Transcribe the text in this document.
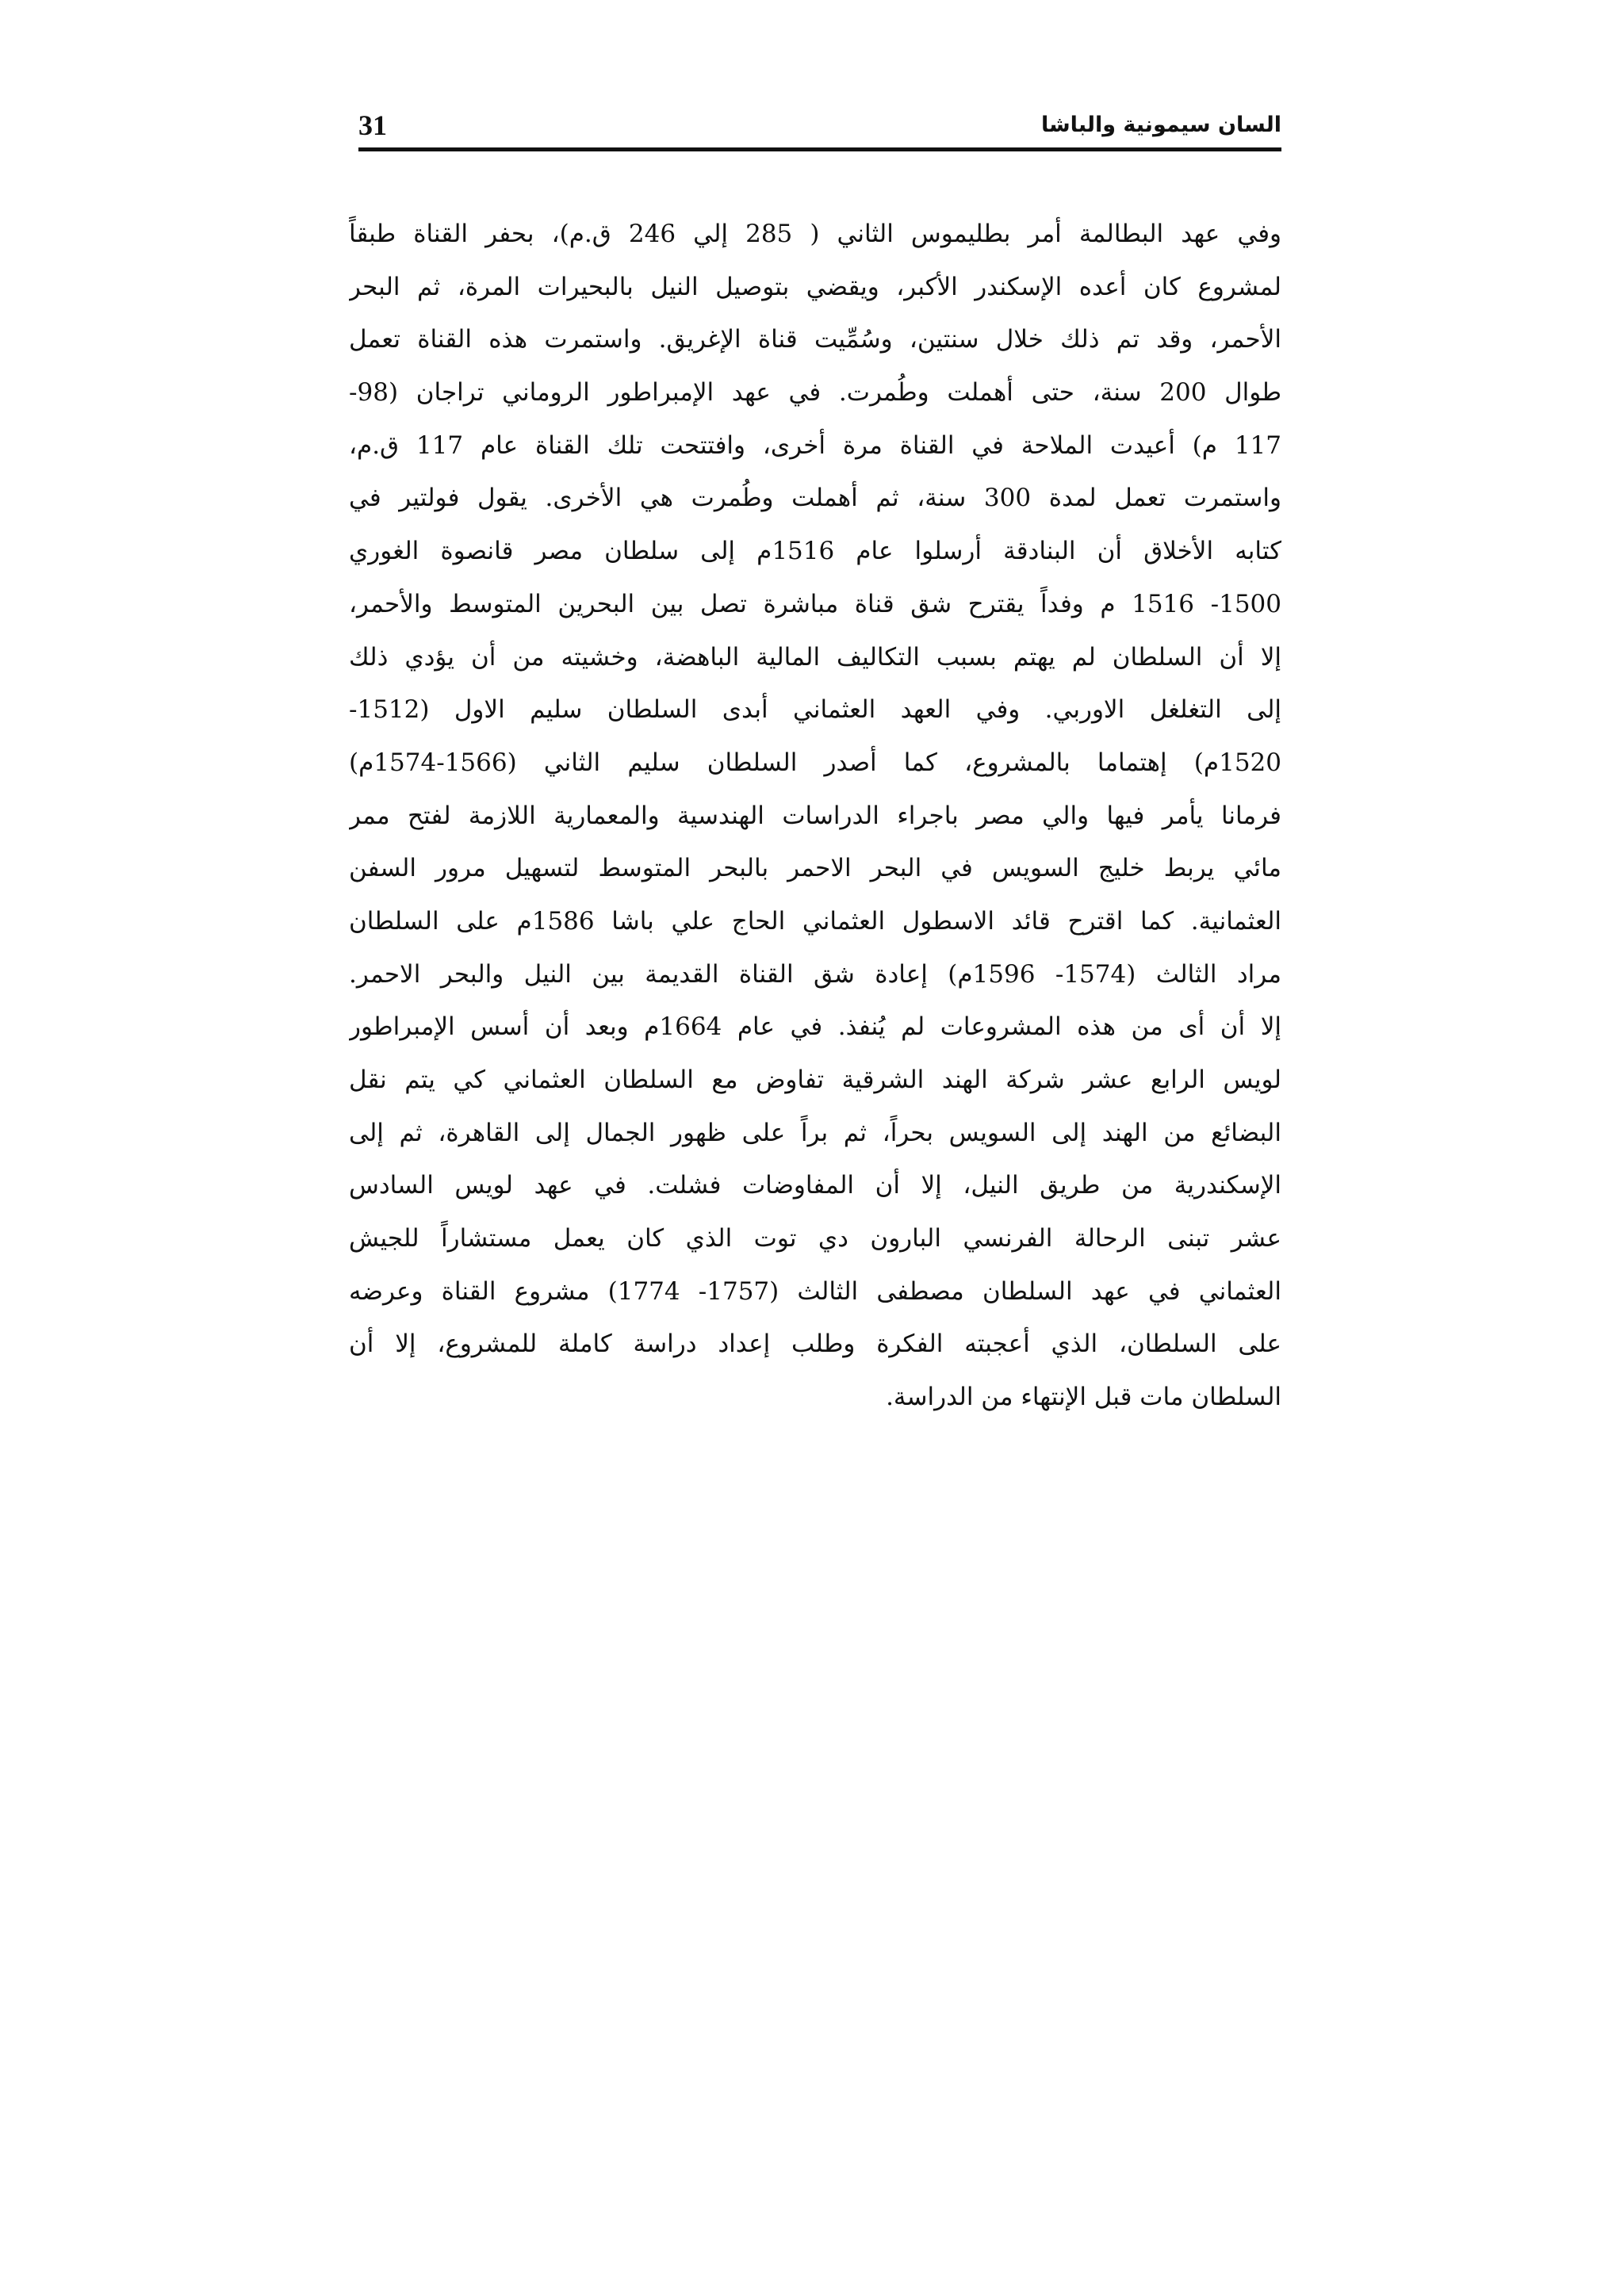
31	السان سيمونية والباشا
وفي عهد البطالمة أمر بطليموس الثاني ( 285 إلي 246 ق.م)، بحفر القناة طبقاً
لمشروع كان أعده الإسكندر الأكبر، ويقضي بتوصيل النيل بالبحيرات المرة، ثم البحر
الأحمر، وقد تم ذلك خلال سنتين، وسُمِّيت قناة الإغريق. واستمرت هذه القناة تعمل
طوال 200 سنة، حتى أهملت وطُمرت. في عهد الإمبراطور الروماني تراجان (98-
117 م) أعيدت الملاحة في القناة مرة أخرى، وافتتحت تلك القناة عام 117 ق.م،
واستمرت تعمل لمدة 300 سنة، ثم أهملت وطُمرت هي الأخرى. يقول فولتير في
كتابه الأخلاق أن البنادقة أرسلوا عام 1516م إلى سلطان مصر قانصوة الغوري
1500- 1516 م وفداً يقترح شق قناة مباشرة تصل بين البحرين المتوسط والأحمر،
إلا أن السلطان لم يهتم بسبب التكاليف المالية الباهضة، وخشيته من أن يؤدي ذلك
إلى التغلغل الاوربي. وفي العهد العثماني أبدى السلطان سليم الاول (1512-
1520م) إهتماما بالمشروع، كما أصدر السلطان سليم الثاني (1566-1574م)
فرمانا يأمر فيها والي مصر باجراء الدراسات الهندسية والمعمارية اللازمة لفتح ممر
مائي يربط خليج السويس في البحر الاحمر بالبحر المتوسط لتسهيل مرور السفن
العثمانية. كما اقترح قائد الاسطول العثماني الحاج علي باشا 1586م على السلطان
مراد الثالث (1574- 1596م) إعادة شق القناة القديمة بين النيل والبحر الاحمر.
إلا أن أى من هذه المشروعات لم يُنفذ. في عام 1664م وبعد أن أسس الإمبراطور
لويس الرابع عشر شركة الهند الشرقية تفاوض مع السلطان العثماني كي يتم نقل
البضائع من الهند إلى السويس بحراً، ثم براً على ظهور الجمال إلى القاهرة، ثم إلى
الإسكندرية من طريق النيل، إلا أن المفاوضات فشلت. في عهد لويس السادس
عشر تبنى الرحالة الفرنسي البارون دي توت الذي كان يعمل مستشاراً للجيش
العثماني في عهد السلطان مصطفى الثالث (1757- 1774) مشروع القناة وعرضه
على السلطان، الذي أعجبته الفكرة وطلب إعداد دراسة كاملة للمشروع، إلا أن
السلطان مات قبل الإنتهاء من الدراسة.
